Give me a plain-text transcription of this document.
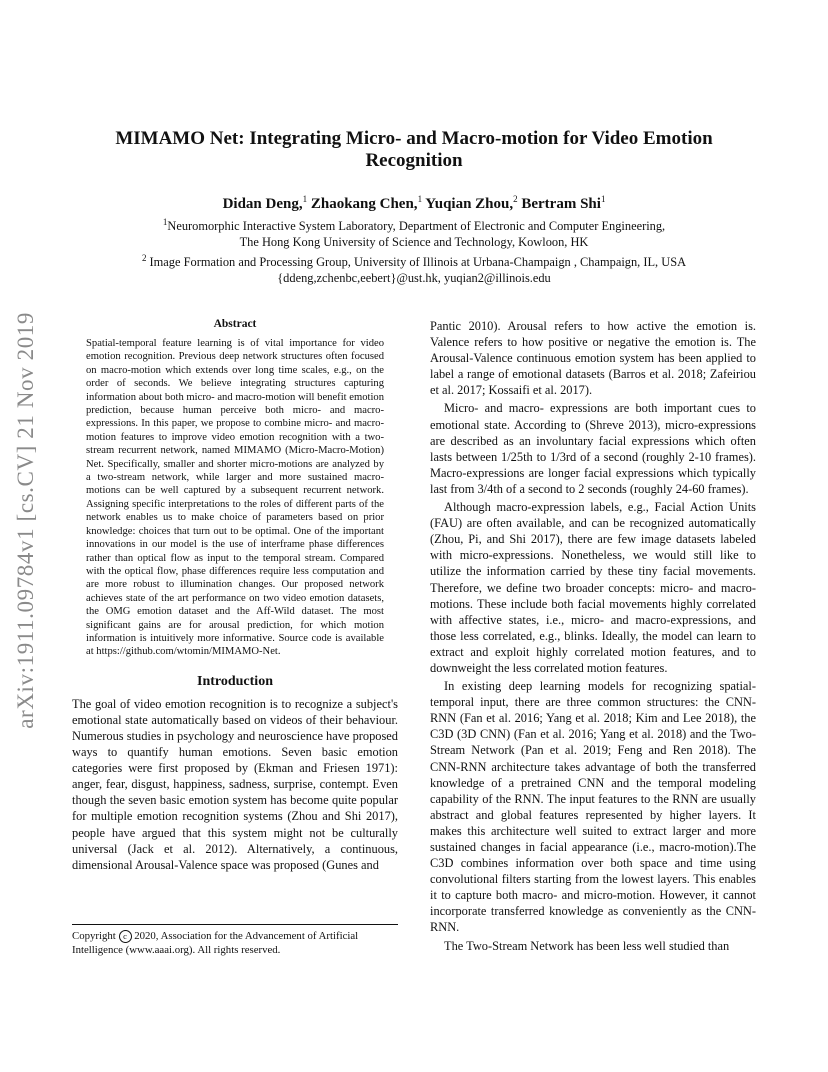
arXiv:1911.09784v1 [cs.CV] 21 Nov 2019
MIMAMO Net: Integrating Micro- and Macro-motion for Video Emotion Recognition
Didan Deng,$^1$ Zhaokang Chen,$^1$ Yuqian Zhou,$^2$ Bertram Shi$^1$
$^1$Neuromorphic Interactive System Laboratory, Department of Electronic and Computer Engineering,
The Hong Kong University of Science and Technology, Kowloon, HK
$^2$ Image Formation and Processing Group, University of Illinois at Urbana-Champaign , Champaign, IL, USA
{ddeng,zchenbc,eebert}@ust.hk, yuqian2@illinois.edu
Abstract

Spatial-temporal feature learning is of vital importance for video emotion recognition. Previous deep network structures often focused on macro-motion which extends over long time scales, e.g., on the order of seconds. We believe integrating structures capturing information about both micro- and macro-motion will benefit emotion prediction, because human perceive both micro- and macro-expressions. In this paper, we propose to combine micro- and macro-motion features to improve video emotion recognition with a two-stream recurrent network, named MIMAMO (Micro-Macro-Motion) Net. Specifically, smaller and shorter micro-motions are analyzed by a two-stream network, while larger and more sustained macro-motions can be well captured by a subsequent recurrent network. Assigning specific interpretations to the roles of different parts of the network enables us to make choice of parameters based on prior knowledge: choices that turn out to be optimal. One of the important innovations in our model is the use of interframe phase differences rather than optical flow as input to the temporal stream. Compared with the optical flow, phase differences require less computation and are more robust to illumination changes. Our proposed network achieves state of the art performance on two video emotion datasets, the OMG emotion dataset and the Aff-Wild dataset. The most significant gains are for arousal prediction, for which motion information is intuitively more informative. Source code is available at https://github.com/wtomin/MIMAMO-Net.

Introduction

The goal of video emotion recognition is to recognize a subject's emotional state automatically based on videos of their behaviour. Numerous studies in psychology and neuroscience have proposed ways to quantify human emotions. Seven basic emotion categories were first proposed by (Ekman and Friesen 1971): anger, fear, disgust, happiness, sadness, surprise, contempt. Even though the seven basic emotion system has become quite popular for multiple emotion recognition systems (Zhou and Shi 2017), people have argued that this system might not be culturally universal (Jack et al. 2012). Alternatively, a continuous, dimensional Arousal-Valence space was proposed (Gunes and

Copyright c 2020, Association for the Advancement of Artificial Intelligence (www.aaai.org). All rights reserved.

Pantic 2010). Arousal refers to how active the emotion is. Valence refers to how positive or negative the emotion is. The Arousal-Valence continuous emotion system has been applied to label a range of emotional datasets (Barros et al. 2018; Zafeiriou et al. 2017; Kossaifi et al. 2017).

Micro- and macro- expressions are both important cues to emotional state. According to (Shreve 2013), micro-expressions are described as an involuntary facial expressions which often lasts between 1/25th to 1/3rd of a second (roughly 2-10 frames). Macro-expressions are longer facial expressions which typically last from 3/4th of a second to 2 seconds (roughly 24-60 frames).

Although macro-expression labels, e.g., Facial Action Units (FAU) are often available, and can be recognized automatically (Zhou, Pi, and Shi 2017), there are few image datasets labeled with micro-expressions. Nonetheless, we would still like to utilize the information carried by these tiny facial movements. Therefore, we define two broader concepts: micro- and macro-motions. These include both facial movements highly correlated with affective states, i.e., micro- and macro-expressions, and those less correlated, e.g., blinks. Ideally, the model can learn to extract and exploit highly correlated motion features, and to downweight the less correlated motion features.

In existing deep learning models for recognizing spatial-temporal input, there are three common structures: the CNN-RNN (Fan et al. 2016; Yang et al. 2018; Kim and Lee 2018), the C3D (3D CNN) (Fan et al. 2016; Yang et al. 2018) and the Two-Stream Network (Pan et al. 2019; Feng and Ren 2018). The CNN-RNN architecture takes advantage of both the transferred knowledge of a pretrained CNN and the temporal modeling capability of the RNN. The input features to the RNN are usually abstract and global features represented by higher layers. It makes this architecture well suited to extract larger and more sustained changes in facial appearance (i.e., macro-motion).The C3D combines information over both space and time using convolutional filters starting from the lowest layers. This enables it to capture both macro- and micro-motion. However, it cannot incorporate transferred knowledge as conveniently as the CNN-RNN.

The Two-Stream Network has been less well studied than
